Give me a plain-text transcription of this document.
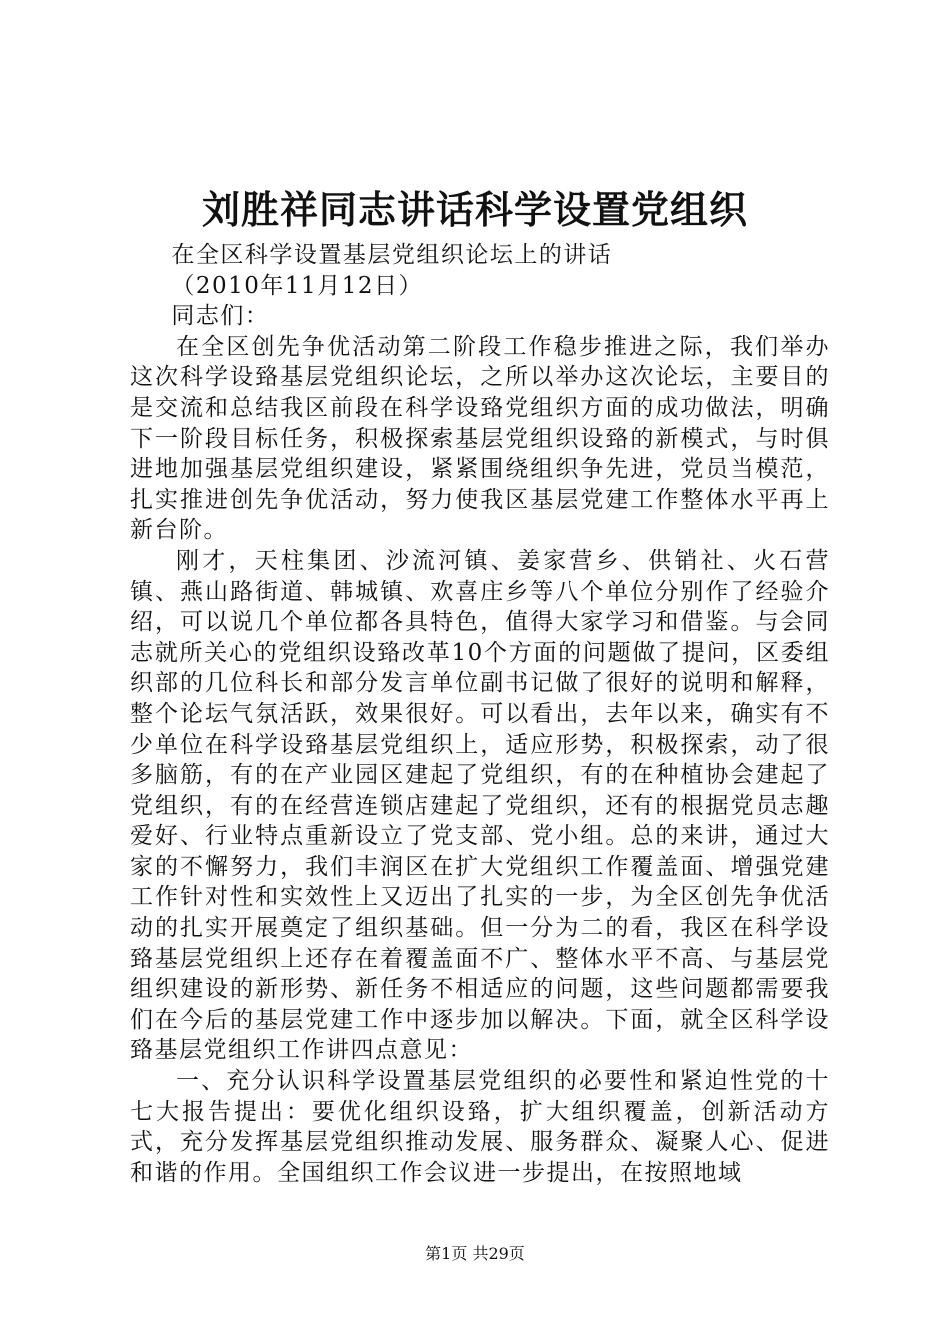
刘胜祥同志讲话科学设置党组织

在全区科学设置基层党组织论坛上的讲话

（2010年11月12日）

同志们：

在全区创先争优活动第二阶段工作稳步推进之际，我们举办这次科学设臵基层党组织论坛，之所以举办这次论坛，主要目的是交流和总结我区前段在科学设臵党组织方面的成功做法，明确下一阶段目标任务，积极探索基层党组织设臵的新模式，与时俱进地加强基层党组织建设，紧紧围绕组织争先进，党员当模范，扎实推进创先争优活动，努力使我区基层党建工作整体水平再上新台阶。

刚才，天柱集团、沙流河镇、姜家营乡、供销社、火石营镇、燕山路街道、韩城镇、欢喜庄乡等八个单位分别作了经验介绍，可以说几个单位都各具特色，值得大家学习和借鉴。与会同志就所关心的党组织设臵改革10个方面的问题做了提问，区委组织部的几位科长和部分发言单位副书记做了很好的说明和解释，整个论坛气氛活跃，效果很好。可以看出，去年以来，确实有不少单位在科学设臵基层党组织上，适应形势，积极探索，动了很多脑筋，有的在产业园区建起了党组织，有的在种植协会建起了党组织，有的在经营连锁店建起了党组织，还有的根据党员志趣爱好、行业特点重新设立了党支部、党小组。总的来讲，通过大家的不懈努力，我们丰润区在扩大党组织工作覆盖面、增强党建工作针对性和实效性上又迈出了扎实的一步，为全区创先争优活动的扎实开展奠定了组织基础。但一分为二的看，我区在科学设臵基层党组织上还存在着覆盖面不广、整体水平不高、与基层党组织建设的新形势、新任务不相适应的问题，这些问题都需要我们在今后的基层党建工作中逐步加以解决。下面，就全区科学设臵基层党组织工作讲四点意见：

一、充分认识科学设置基层党组织的必要性和紧迫性党的十七大报告提出：要优化组织设臵，扩大组织覆盖，创新活动方式，充分发挥基层党组织推动发展、服务群众、凝聚人心、促进和谐的作用。全国组织工作会议进一步提出，在按照地域

第1页 共29页
